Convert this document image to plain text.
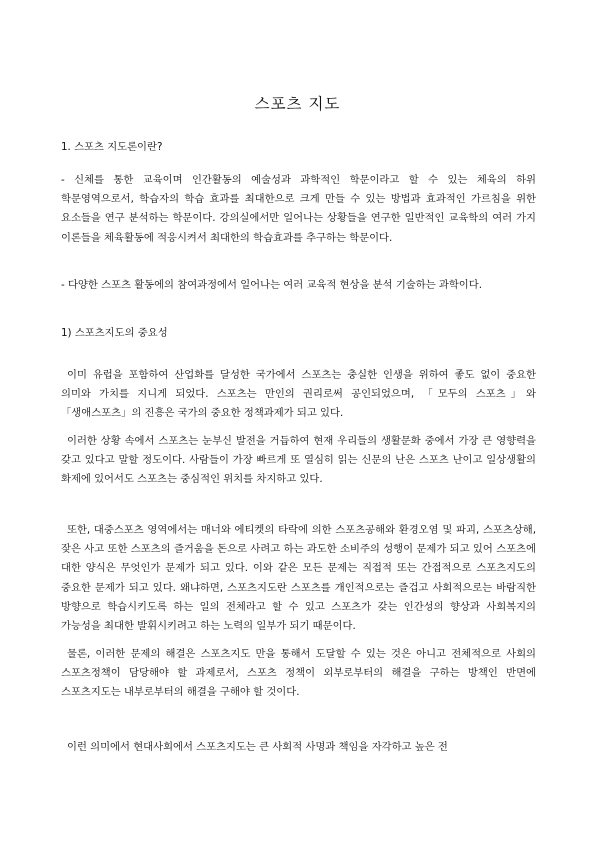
스포츠 지도
1. 스포츠 지도론이란?
- 신체를 통한 교육이며 인간활동의 예술성과 과학적인 학문이라고 할 수 있는 체육의 하위 학문영역으로서, 학습자의 학습 효과를 최대한으로 크게 만들 수 있는 방법과 효과적인 가르침을 위한 요소들을 연구 분석하는 학문이다. 강의실에서만 일어나는 상황들을 연구한 일반적인 교육학의 여러 가지 이론들을 체육활동에 적응시켜서 최대한의 학습효과를 추구하는 학문이다.
- 다양한 스포츠 활동에의 참여과정에서 일어나는 여러 교육적 현상을 분석 기술하는 과학이다.
1) 스포츠지도의 중요성
이미 유럽을 포함하여 산업화를 달성한 국가에서 스포츠는 충실한 인생을 위하여 좋도 없이 중요한 의미와 가치를 지니게 되었다. 스포츠는 만인의 권리로써 공인되었으며, 「모두의 스포츠」와 「생애스포츠」의 진흥은 국가의 중요한 정책과제가 되고 있다.
이러한 상황 속에서 스포츠는 눈부신 발전을 거듭하여 현재 우리들의 생활문화 중에서 가장 큰 영향력을 갖고 있다고 말할 정도이다. 사람들이 가장 빠르게 또 열심히 읽는 신문의 난은 스포츠 난이고 일상생활의 화제에 있어서도 스포츠는 중심적인 위치를 차지하고 있다.
또한, 대중스포츠 영역에서는 매너와 에티켓의 타락에 의한 스포츠공해와 환경오염 및 파괴, 스포츠상해, 잦은 사고 또한 스포츠의 즐거움을 돈으로 사려고 하는 과도한 소비주의 성행이 문제가 되고 있어 스포츠에 대한 양식은 무엇인가 문제가 되고 있다. 이와 같은 모든 문제는 직접적 또는 간접적으로 스포츠지도의 중요한 문제가 되고 있다. 왜냐하면, 스포츠지도란 스포츠를 개인적으로는 즐겁고 사회적으로는 바람직한 방향으로 학습시키도록 하는 일의 전체라고 할 수 있고 스포츠가 갖는 인간성의 향상과 사회복지의 가능성을 최대한 발휘시키려고 하는 노력의 일부가 되기 때문이다.
물론, 이러한 문제의 해결은 스포츠지도 만을 통해서 도달할 수 있는 것은 아니고 전체적으로 사회의 스포츠정책이 담당해야 할 과제로서, 스포츠 정책이 외부로부터의 해결을 구하는 방책인 반면에 스포츠지도는 내부로부터의 해결을 구해야 할 것이다.
이런 의미에서 현대사회에서 스포츠지도는 큰 사회적 사명과 책임을 자각하고 높은 전
